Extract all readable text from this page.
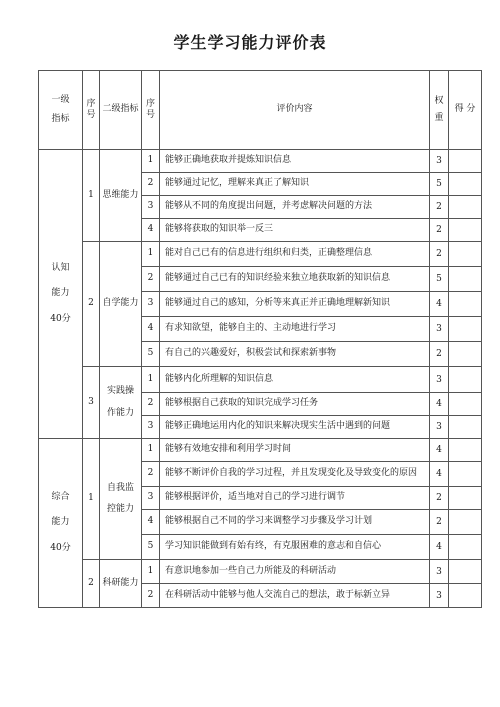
学生学习能力评价表
一级
指标	序
号	二级指标	序
号	评价内容	权
重	得 分

认知
能力
40分	1	思维能力	1	能够正确地获取并提炼知识信息	3	
			2	能够通过记忆，理解来真正了解知识	5	
			3	能够从不同的角度提出问题，并考虑解决问题的方法	2	
			4	能够将获取的知识举一反三	2	
	2	自学能力	1	能对自己已有的信息进行组织和归类，正确整理信息	2	
			2	能够通过自己已有的知识经验来独立地获取新的知识信息	5	
			3	能够通过自己的感知，分析等来真正并正确地理解新知识	4	
			4	有求知欲望，能够自主的、主动地进行学习	3	
			5	有自己的兴趣爱好，积极尝试和探索新事物	2	
	3	实践操
作能力	1	能够内化所理解的知识信息	3	
			2	能够根据自己获取的知识完成学习任务	4	
			3	能够正确地运用内化的知识来解决现实生活中遇到的问题	3	

综合
能力
40分	1	自我监
控能力	1	能够有效地安排和利用学习时间	4	
			2	能够不断评价自我的学习过程，并且发现变化及导致变化的原因	4	
			3	能够根据评价，适当地对自己的学习进行调节	2	
			4	能够根据自己不同的学习来调整学习步骤及学习计划	2	
			5	学习知识能做到有始有终，有克服困难的意志和自信心	4	
	2	科研能力	1	有意识地参加一些自己力所能及的科研活动	3	
			2	在科研活动中能够与他人交流自己的想法，敢于标新立异	3	
